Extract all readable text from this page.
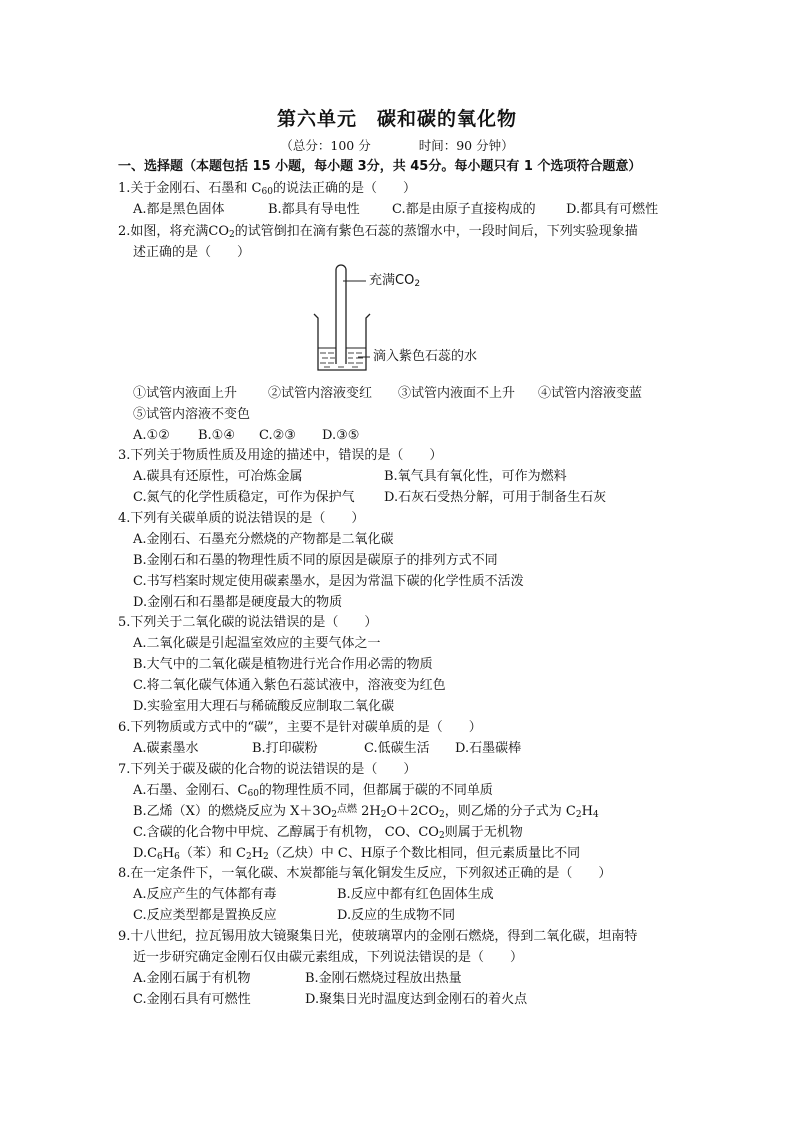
第六单元　碳和碳的氧化物
（总分：100 分	时间：90 分钟）
一、选择题（本题包括 15 小题，每小题 3分，共 45分。每小题只有 1 个选项符合题意）
1.关于金刚石、石墨和 $C_{60}$的说法正确的是（　　）
A.都是黑色固体	B.都具有导电性 C.都是由原子直接构成的 D.都具有可燃性
2.如图，将充满$CO_2$的试管倒扣在滴有紫色石蕊的蒸馏水中，一段时间后，下列实验现象描
述正确的是（　　）
充满$CO_2$
滴入紫色石蕊的水
①试管内液面上升 ②试管内溶液变红 ③试管内液面不上升 ④试管内溶液变蓝
⑤试管内溶液不变色
A.①② B.①④ C.②③ D.③⑤
3.下列关于物质性质及用途的描述中，错误的是（　　）
A.碳具有还原性，可冶炼金属	B.氧气具有氧化性，可作为燃料
C.氮气的化学性质稳定，可作为保护气 D.石灰石受热分解，可用于制备生石灰
4.下列有关碳单质的说法错误的是（　　）
A.金刚石、石墨充分燃烧的产物都是二氧化碳
B.金刚石和石墨的物理性质不同的原因是碳原子的排列方式不同
C.书写档案时规定使用碳素墨水，是因为常温下碳的化学性质不活泼
D.金刚石和石墨都是硬度最大的物质
5.下列关于二氧化碳的说法错误的是（　　）
A.二氧化碳是引起温室效应的主要气体之一
B.大气中的二氧化碳是植物进行光合作用必需的物质
C.将二氧化碳气体通入紫色石蕊试液中，溶液变为红色
D.实验室用大理石与稀硫酸反应制取二氧化碳
6.下列物质或方式中的“碳”，主要不是针对碳单质的是（　　）
A.碳素墨水	B.打印碳粉	C.低碳生活 D.石墨碳棒
7.下列关于碳及碳的化合物的说法错误的是（　　）
A.石墨、金刚石、$C_{60}$的物理性质不同，但都属于碳的不同单质
B.乙烯（X）的燃烧反应为 $X+3O_2^{点燃}$ $2H_2O+2CO_2$，则乙烯的分子式为 $C_2H_4$
C.含碳的化合物中甲烷、乙醇属于有机物， CO、$CO_2$则属于无机物
$D.C_6H_6$（苯）和 $C_2H_2$（乙炔）中 C、H原子个数比相同，但元素质量比不同
8.在一定条件下，一氧化碳、木炭都能与氧化铜发生反应，下列叙述正确的是（　　）
A.反应产生的气体都有毒	B.反应中都有红色固体生成
C.反应类型都是置换反应	D.反应的生成物不同
9.十八世纪，拉瓦锡用放大镜聚集日光，使玻璃罩内的金刚石燃烧，得到二氧化碳，坦南特
近一步研究确定金刚石仅由碳元素组成，下列说法错误的是（　　）
A.金刚石属于有机物	B.金刚石燃烧过程放出热量
C.金刚石具有可燃性	D.聚集日光时温度达到金刚石的着火点
